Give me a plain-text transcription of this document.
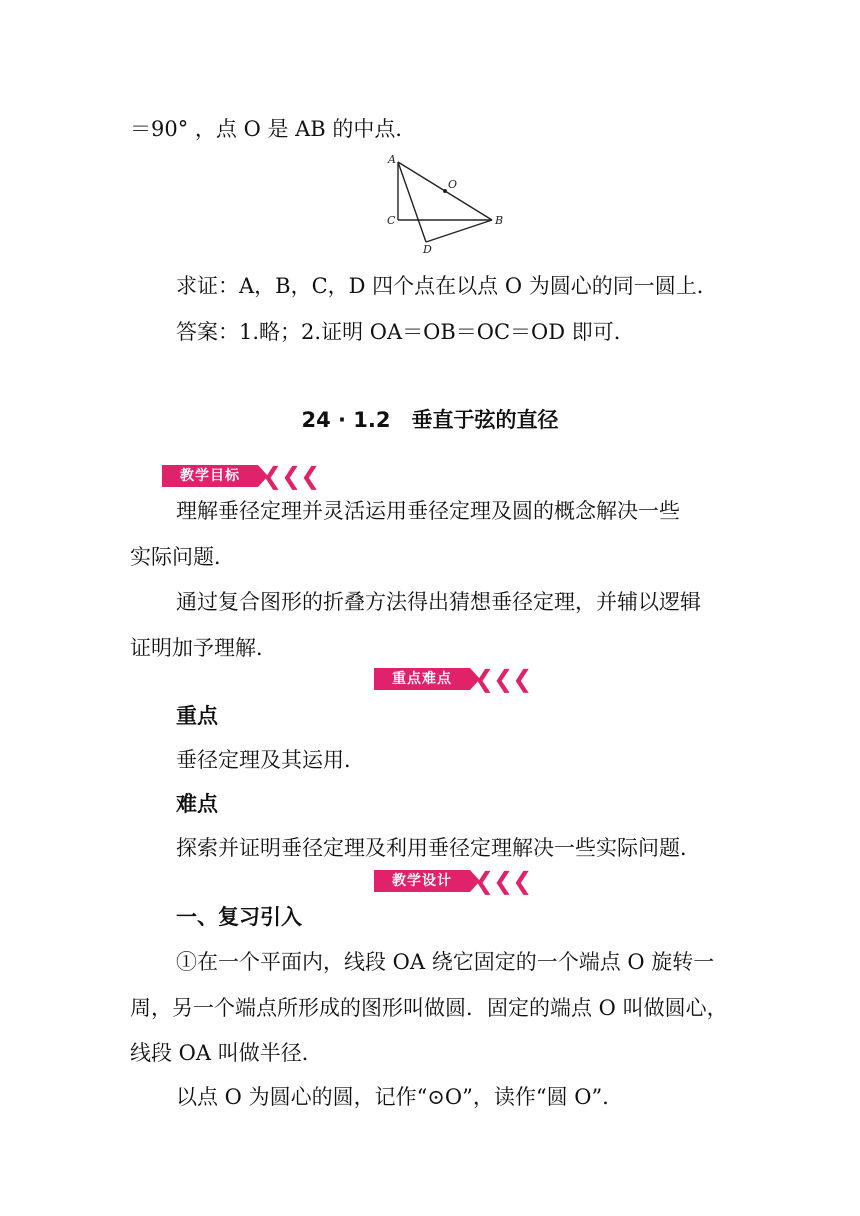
＝90° ，点 O 是 AB 的中点．
A
O
C	B
D
求证：A，B，C，D 四个点在以点 O 为圆心的同一圆上．
答案：1.略；2.证明 OA＝OB＝OC＝OD 即可．
24 · 1.2　垂直于弦的直径
教学目标 ❮❮❮
理解垂径定理并灵活运用垂径定理及圆的概念解决一些
实际问题．
通过复合图形的折叠方法得出猜想垂径定理，并辅以逻辑
证明加予理解．
重点难点 ❮❮❮
重点
垂径定理及其运用．
难点
探索并证明垂径定理及利用垂径定理解决一些实际问题．
教学设计 ❮❮❮
一、复习引入
①在一个平面内，线段 OA 绕它固定的一个端点 O 旋转一
周，另一个端点所形成的图形叫做圆．固定的端点 O 叫做圆心，
线段 OA 叫做半径．
以点 O 为圆心的圆，记作“⊙O”，读作“圆 O”．
